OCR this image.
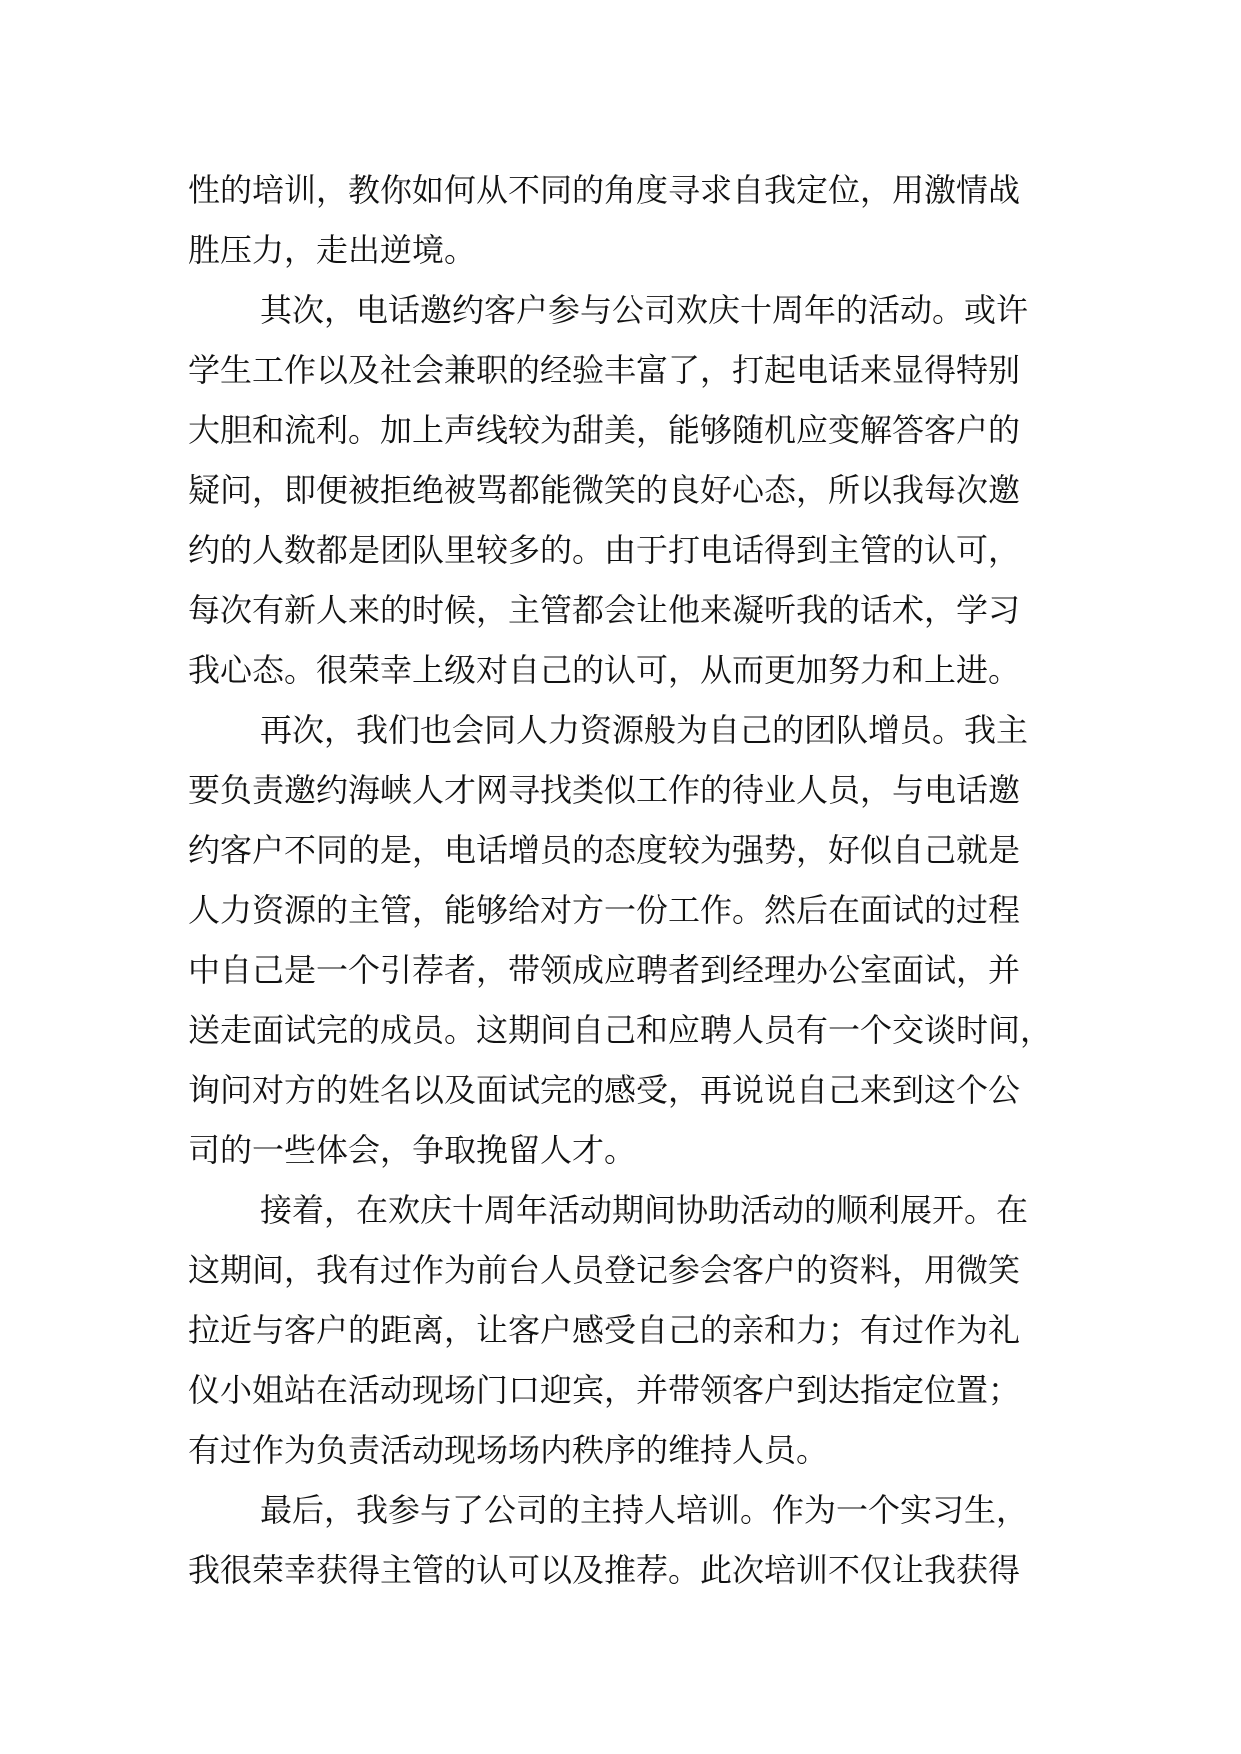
性的培训，教你如何从不同的角度寻求自我定位，用激情战
胜压力，走出逆境。
其次，电话邀约客户参与公司欢庆十周年的活动。或许
学生工作以及社会兼职的经验丰富了，打起电话来显得特别
大胆和流利。加上声线较为甜美，能够随机应变解答客户的
疑问，即便被拒绝被骂都能微笑的良好心态，所以我每次邀
约的人数都是团队里较多的。由于打电话得到主管的认可，
每次有新人来的时候，主管都会让他来凝听我的话术，学习
我心态。很荣幸上级对自己的认可，从而更加努力和上进。
再次，我们也会同人力资源般为自己的团队增员。我主
要负责邀约海峡人才网寻找类似工作的待业人员，与电话邀
约客户不同的是，电话增员的态度较为强势，好似自己就是
人力资源的主管，能够给对方一份工作。然后在面试的过程
中自己是一个引荐者，带领成应聘者到经理办公室面试，并
送走面试完的成员。这期间自己和应聘人员有一个交谈时间，
询问对方的姓名以及面试完的感受，再说说自己来到这个公
司的一些体会，争取挽留人才。
接着，在欢庆十周年活动期间协助活动的顺利展开。在
这期间，我有过作为前台人员登记参会客户的资料，用微笑
拉近与客户的距离，让客户感受自己的亲和力；有过作为礼
仪小姐站在活动现场门口迎宾，并带领客户到达指定位置；
有过作为负责活动现场场内秩序的维持人员。
最后，我参与了公司的主持人培训。作为一个实习生，
我很荣幸获得主管的认可以及推荐。此次培训不仅让我获得
